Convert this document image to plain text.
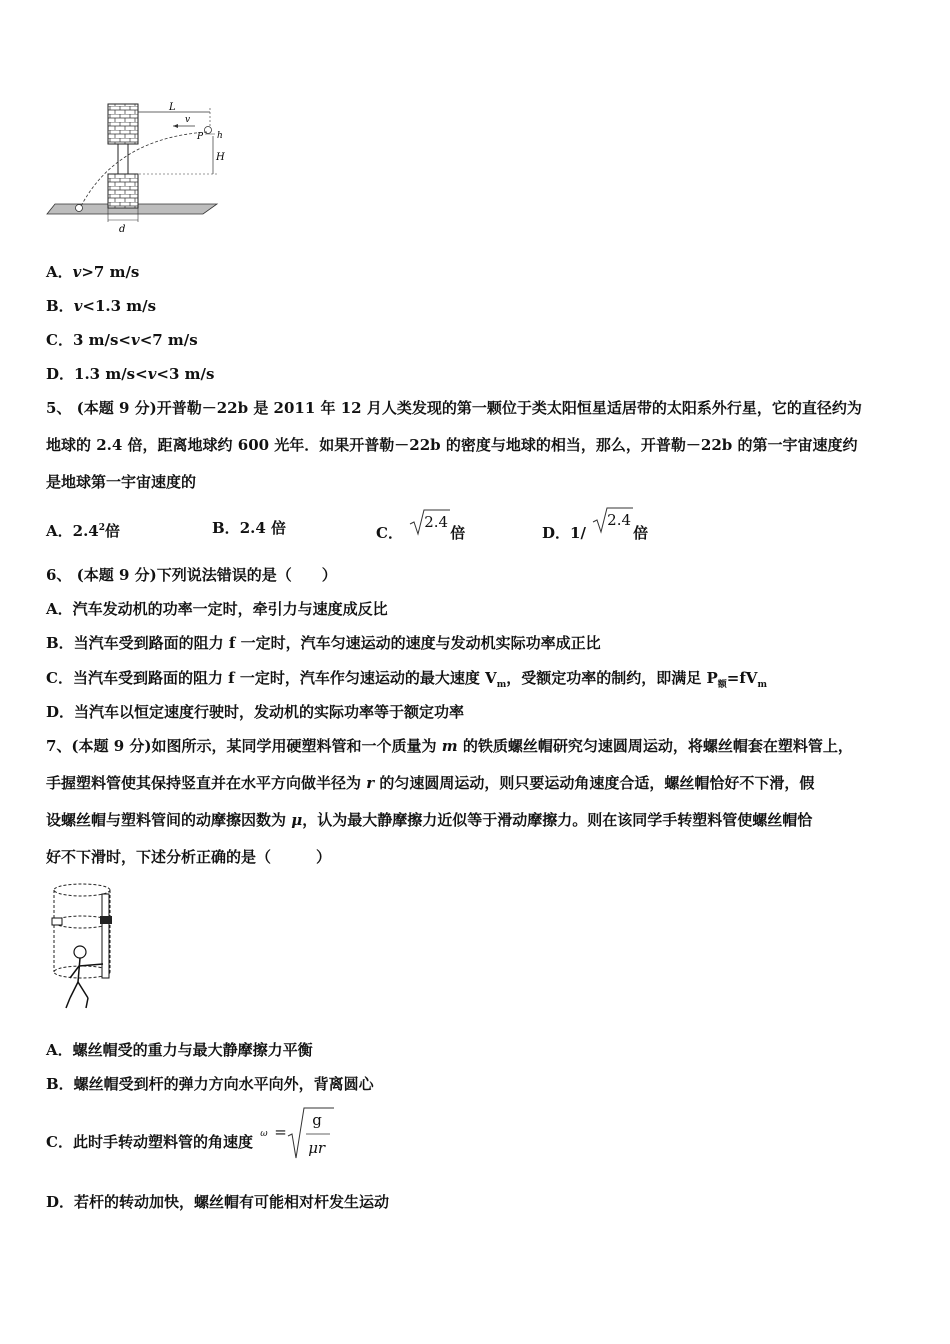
L
v
P h
H
d
A．v>7 m/s
B．v<1.3 m/s
C．3 m/s<v<7 m/s
D．1.3 m/s<v<3 m/s
5、 (本题 9 分)开普勒－22b 是 2011 年 12 月人类发现的第一颗位于类太阳恒星适居带的太阳系外行星，它的直径约为
地球的 2.4 倍，距离地球约 600 光年．如果开普勒－22b 的密度与地球的相当，那么，开普勒－22b 的第一宇宙速度约
是地球第一宇宙速度的
A．$2.4^2$倍	B．2.4 倍	C．
2.4
倍	D．1/
2.4
倍
6、 (本题 9 分)下列说法错误的是（　　）
A．汽车发动机的功率一定时，牵引力与速度成反比
B．当汽车受到路面的阻力 f 一定时，汽车匀速运动的速度与发动机实际功率成正比
C．当汽车受到路面的阻力 f 一定时，汽车作匀速运动的最大速度 $V_m$，受额定功率的制约，即满足 $P_额=fV_m$
D．当汽车以恒定速度行驶时，发动机的实际功率等于额定功率
7、(本题 9 分)如图所示，某同学用硬塑料管和一个质量为 m 的铁质螺丝帽研究匀速圆周运动，将螺丝帽套在塑料管上，
手握塑料管使其保持竖直并在水平方向做半径为 r 的匀速圆周运动，则只要运动角速度合适，螺丝帽恰好不下滑，假
设螺丝帽与塑料管间的动摩擦因数为 μ，认为最大静摩擦力近似等于滑动摩擦力。则在该同学手转塑料管使螺丝帽恰
好不下滑时，下述分析正确的是（　　　）
A．螺丝帽受的重力与最大静摩擦力平衡
B．螺丝帽受到杆的弹力方向水平向外，背离圆心
C．此时手转动塑料管的角速度 ω =
g
μr
D．若杆的转动加快，螺丝帽有可能相对杆发生运动
